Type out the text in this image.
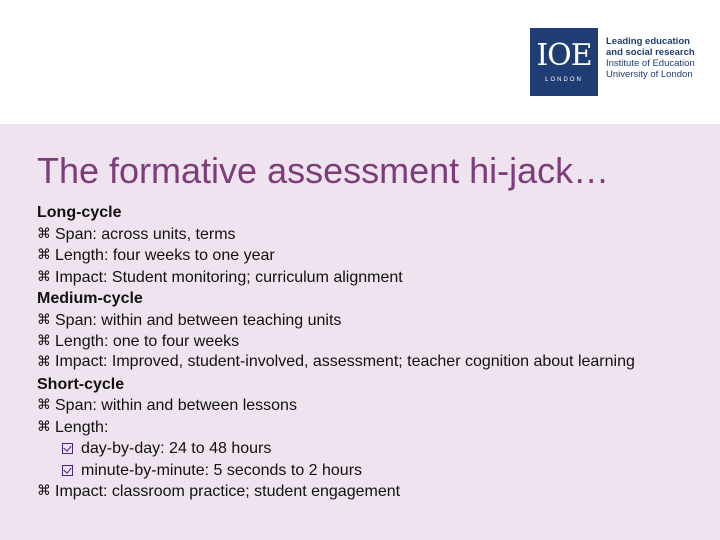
IOE
LONDON
Leading education
and social research
Institute of Education
University of London
The formative assessment hi-jack…
Long-cycle
⌘ Span: across units, terms
⌘ Length: four weeks to one year
⌘ Impact: Student monitoring; curriculum alignment
Medium-cycle
⌘ Span: within and between teaching units
⌘ Length: one to four weeks
⌘ Impact: Improved, student-involved, assessment; teacher cognition about learning
Short-cycle
⌘ Span: within and between lessons
⌘ Length:
day-by-day: 24 to 48 hours
minute-by-minute: 5 seconds to 2 hours
⌘ Impact: classroom practice; student engagement
